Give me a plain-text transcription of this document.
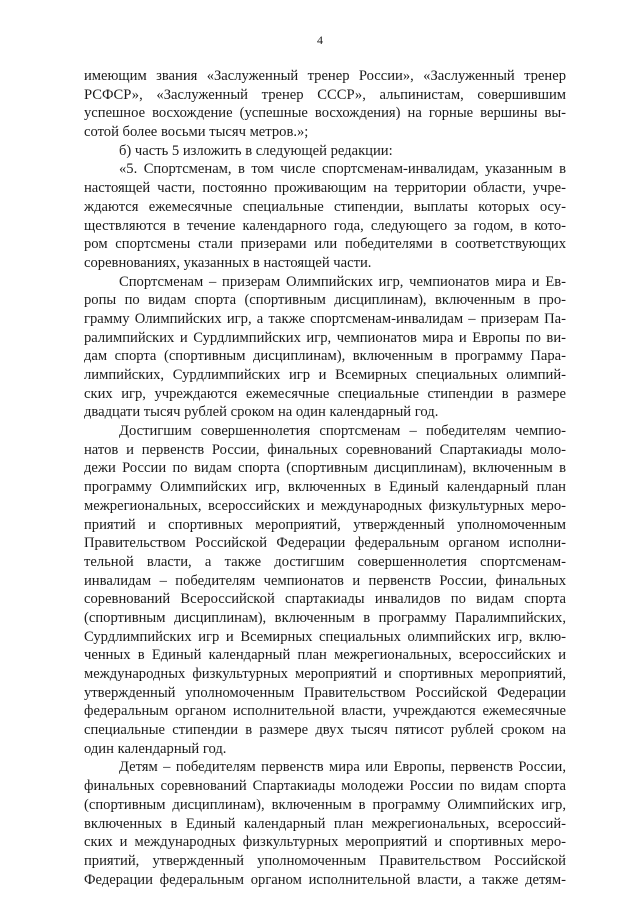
4
имеющим звания «Заслуженный тренер России», «Заслуженный тренер
РСФСР», «Заслуженный тренер СССР», альпинистам, совершившим
успешное восхождение (успешные восхождения) на горные вершины вы-
сотой более восьми тысяч метров.»;
б) часть 5 изложить в следующей редакции:
«5. Спортсменам, в том числе спортсменам-инвалидам, указанным в
настоящей части, постоянно проживающим на территории области, учре-
ждаются ежемесячные специальные стипендии, выплаты которых осу-
ществляются в течение календарного года, следующего за годом, в кото-
ром спортсмены стали призерами или победителями в соответствующих
соревнованиях, указанных в настоящей части.
Спортсменам – призерам Олимпийских игр, чемпионатов мира и Ев-
ропы по видам спорта (спортивным дисциплинам), включенным в про-
грамму Олимпийских игр, а также спортсменам-инвалидам – призерам Па-
ралимпийских и Сурдлимпийских игр, чемпионатов мира и Европы по ви-
дам спорта (спортивным дисциплинам), включенным в программу Пара-
лимпийских, Сурдлимпийских игр и Всемирных специальных олимпий-
ских игр, учреждаются ежемесячные специальные стипендии в размере
двадцати тысяч рублей сроком на один календарный год.
Достигшим совершеннолетия спортсменам – победителям чемпио-
натов и первенств России, финальных соревнований Спартакиады моло-
дежи России по видам спорта (спортивным дисциплинам), включенным в
программу Олимпийских игр, включенных в Единый календарный план
межрегиональных, всероссийских и международных физкультурных меро-
приятий и спортивных мероприятий, утвержденный уполномоченным
Правительством Российской Федерации федеральным органом исполни-
тельной власти, а также достигшим совершеннолетия спортсменам-
инвалидам – победителям чемпионатов и первенств России, финальных
соревнований Всероссийской спартакиады инвалидов по видам спорта
(спортивным дисциплинам), включенным в программу Паралимпийских,
Сурдлимпийских игр и Всемирных специальных олимпийских игр, вклю-
ченных в Единый календарный план межрегиональных, всероссийских и
международных физкультурных мероприятий и спортивных мероприятий,
утвержденный уполномоченным Правительством Российской Федерации
федеральным органом исполнительной власти, учреждаются ежемесячные
специальные стипендии в размере двух тысяч пятисот рублей сроком на
один календарный год.
Детям – победителям первенств мира или Европы, первенств России,
финальных соревнований Спартакиады молодежи России по видам спорта
(спортивным дисциплинам), включенным в программу Олимпийских игр,
включенных в Единый календарный план межрегиональных, всероссий-
ских и международных физкультурных мероприятий и спортивных меро-
приятий, утвержденный уполномоченным Правительством Российской
Федерации федеральным органом исполнительной власти, а также детям-
